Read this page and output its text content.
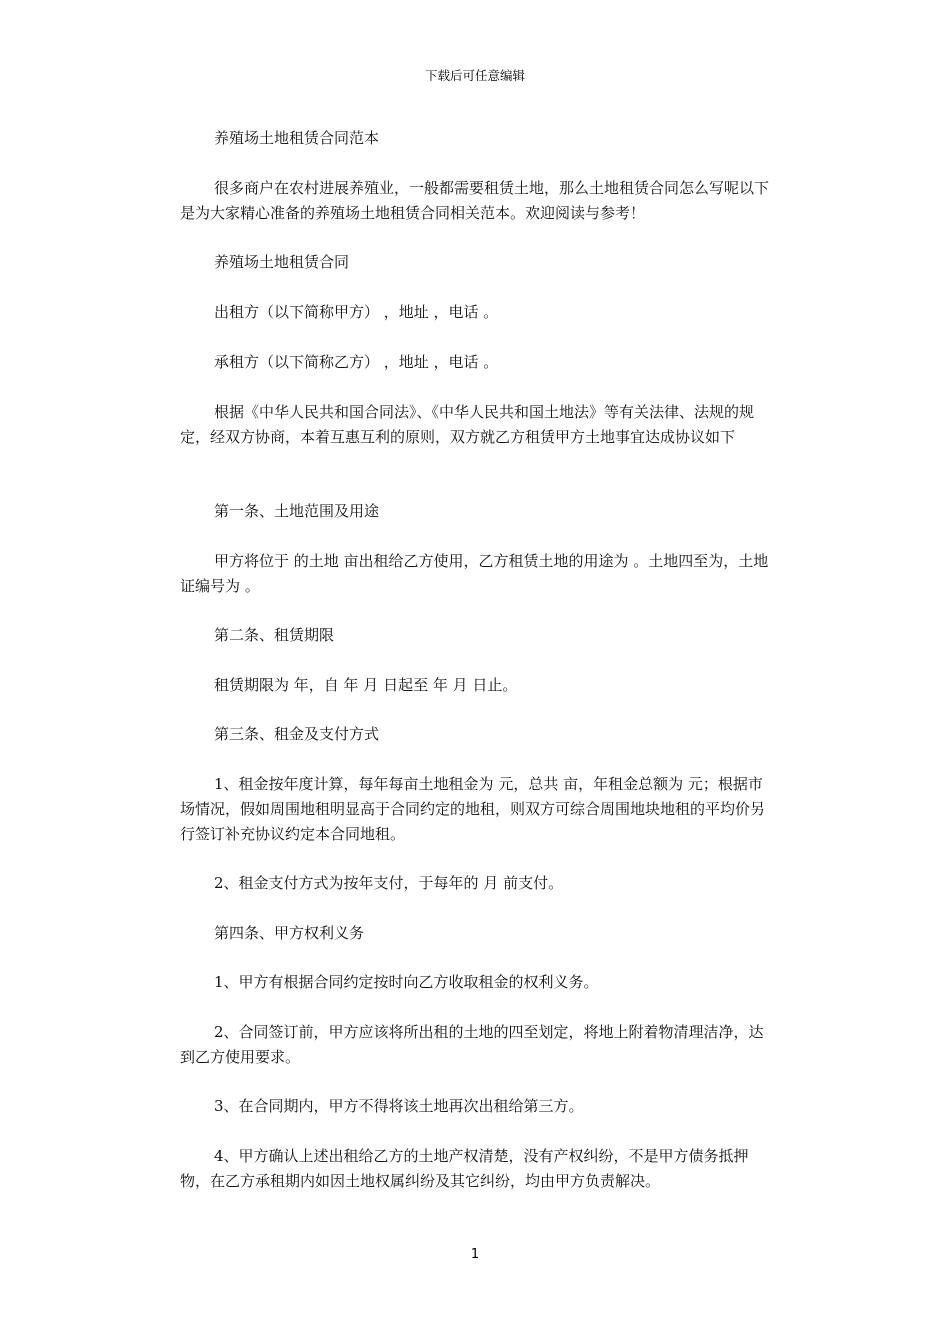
下载后可任意编辑

养殖场土地租赁合同范本

很多商户在农村进展养殖业，一般都需要租赁土地，那么土地租赁合同怎么写呢以下是为大家精心准备的养殖场土地租赁合同相关范本。欢迎阅读与参考！

养殖场土地租赁合同

出租方（以下简称甲方） ，地址 ，电话 。

承租方（以下简称乙方） ，地址 ，电话 。

根据《中华人民共和国合同法》、《中华人民共和国土地法》等有关法律、法规的规定，经双方协商，本着互惠互利的原则，双方就乙方租赁甲方土地事宜达成协议如下

第一条、土地范围及用途

甲方将位于 的土地 亩出租给乙方使用，乙方租赁土地的用途为 。土地四至为，土地证编号为 。

第二条、租赁期限

租赁期限为 年，自 年 月 日起至 年 月 日止。

第三条、租金及支付方式

1、租金按年度计算，每年每亩土地租金为 元，总共 亩，年租金总额为 元；根据市场情况，假如周围地租明显高于合同约定的地租，则双方可综合周围地块地租的平均价另行签订补充协议约定本合同地租。

2、租金支付方式为按年支付，于每年的 月 前支付。

第四条、甲方权利义务

1、甲方有根据合同约定按时向乙方收取租金的权利义务。

2、合同签订前，甲方应该将所出租的土地的四至划定，将地上附着物清理洁净，达到乙方使用要求。

3、在合同期内，甲方不得将该土地再次出租给第三方。

4、甲方确认上述出租给乙方的土地产权清楚，没有产权纠纷，不是甲方债务抵押物，在乙方承租期内如因土地权属纠纷及其它纠纷，均由甲方负责解决。

1
